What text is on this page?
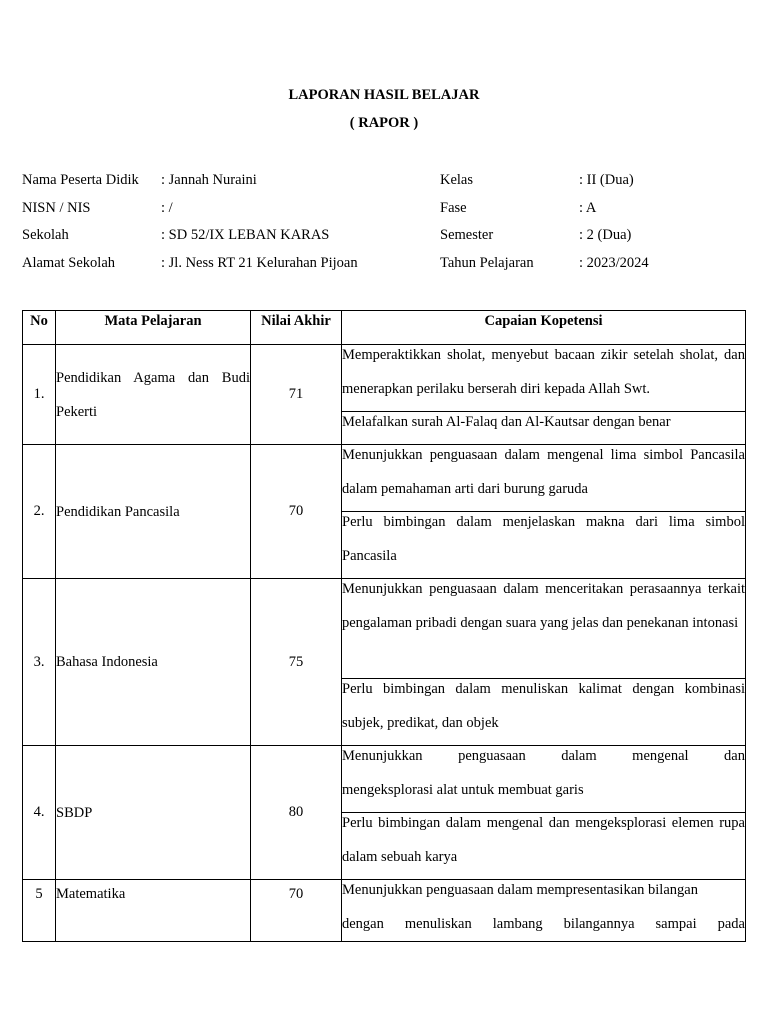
LAPORAN HASIL BELAJAR
( RAPOR )
Nama Peserta Didik : Jannah Nuraini	Kelas	: II (Dua)
NISN / NIS	: /	Fase	: A
Sekolah	: SD 52/IX LEBAN KARAS	Semester	: 2 (Dua)
Alamat Sekolah	: Jl. Ness RT 21 Kelurahan Pijoan	Tahun Pelajaran	: 2023/2024
No	Mata Pelajaran	Nilai Akhir	Capaian Kopetensi
1.	Pendidikan Agama dan Budi
Pekerti	71	Memperaktikkan sholat, menyebut bacaan zikir setelah sholat, dan menerapkan perilaku berserah diri kepada Allah Swt.

			Melafalkan surah Al-Falaq dan Al-Kautsar dengan benar

2.	Pendidikan Pancasila	70	Menunjukkan penguasaan dalam mengenal lima simbol Pancasila dalam pemahaman arti dari burung garuda

			Perlu bimbingan dalam menjelaskan makna dari lima simbol Pancasila

3.	Bahasa Indonesia	75	Menunjukkan penguasaan dalam menceritakan perasaannya terkait pengalaman pribadi dengan suara yang jelas dan penekanan intonasi

			Perlu bimbingan dalam menuliskan kalimat dengan kombinasi subjek, predikat, dan objek

4.	SBDP	80	Menunjukkan penguasaan dalam mengenal dan
mengeksplorasi alat untuk membuat garis

			Perlu bimbingan dalam mengenal dan mengeksplorasi elemen rupa dalam sebuah karya

5	Matematika	70	Menunjukkan penguasaan dalam mempresentasikan bilangan
dengan menuliskan lambang bilangannya sampai pada
